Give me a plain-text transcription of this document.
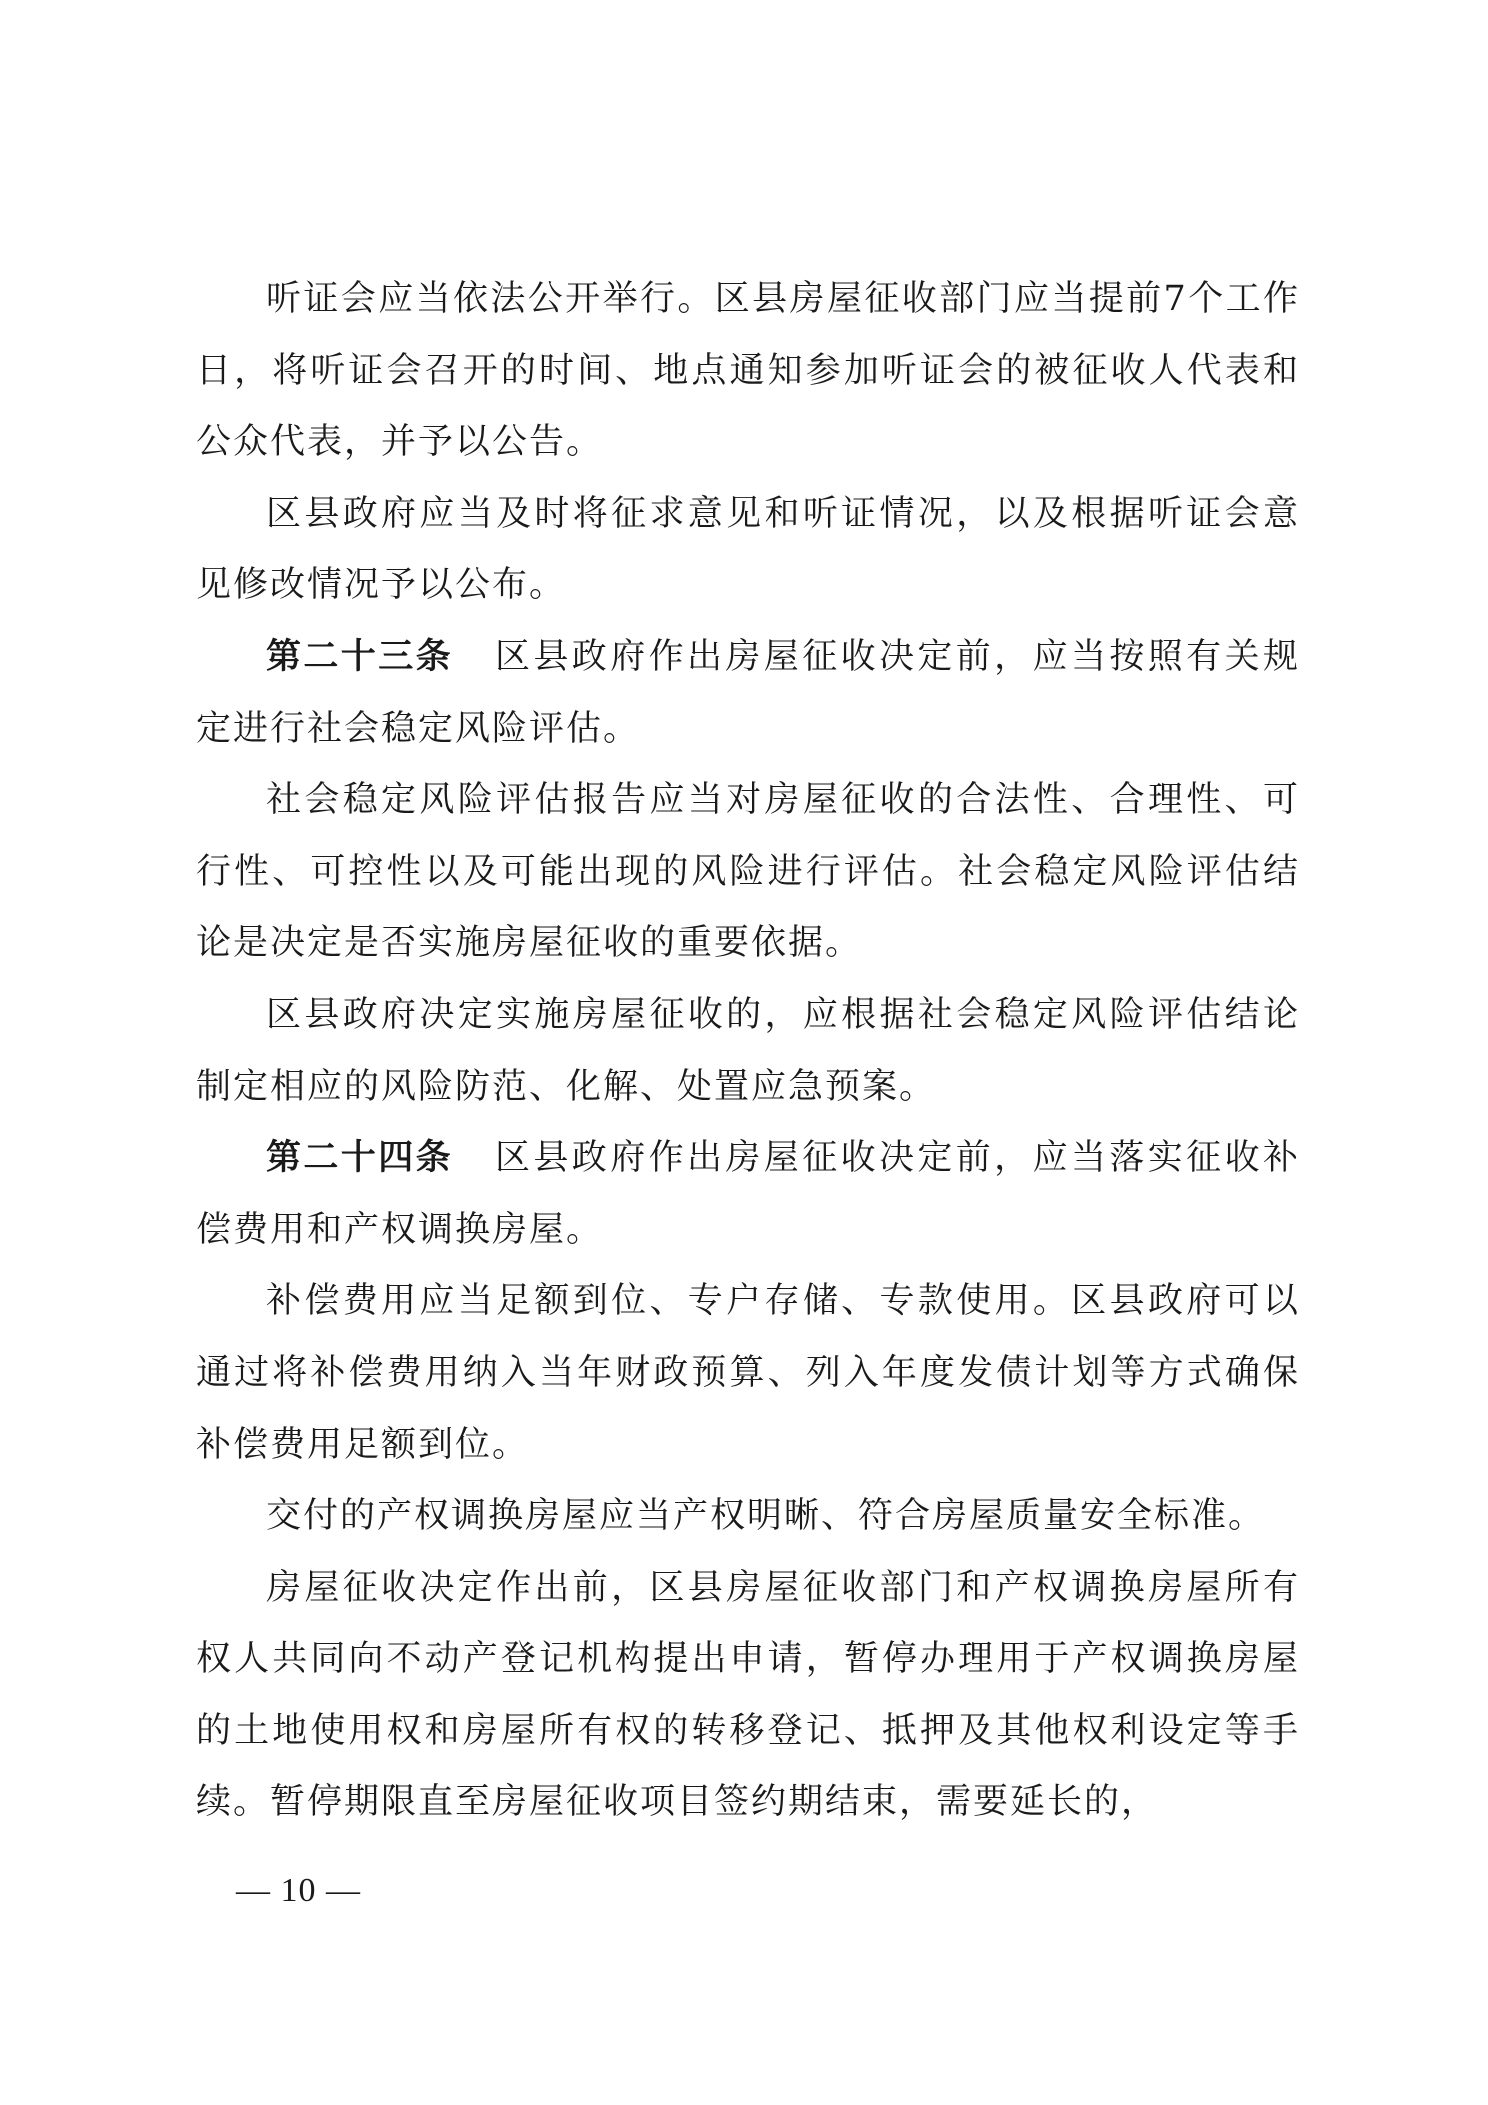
听证会应当依法公开举行。区县房屋征收部门应当提前7个工作日，将听证会召开的时间、地点通知参加听证会的被征收人代表和公众代表，并予以公告。

区县政府应当及时将征求意见和听证情况，以及根据听证会意见修改情况予以公布。

第二十三条 区县政府作出房屋征收决定前，应当按照有关规定进行社会稳定风险评估。

社会稳定风险评估报告应当对房屋征收的合法性、合理性、可行性、可控性以及可能出现的风险进行评估。社会稳定风险评估结论是决定是否实施房屋征收的重要依据。

区县政府决定实施房屋征收的，应根据社会稳定风险评估结论制定相应的风险防范、化解、处置应急预案。

第二十四条 区县政府作出房屋征收决定前，应当落实征收补偿费用和产权调换房屋。

补偿费用应当足额到位、专户存储、专款使用。区县政府可以通过将补偿费用纳入当年财政预算、列入年度发债计划等方式确保补偿费用足额到位。

交付的产权调换房屋应当产权明晰、符合房屋质量安全标准。

房屋征收决定作出前，区县房屋征收部门和产权调换房屋所有权人共同向不动产登记机构提出申请，暂停办理用于产权调换房屋的土地使用权和房屋所有权的转移登记、抵押及其他权利设定等手续。暂停期限直至房屋征收项目签约期结束，需要延长的，

— 10 —
